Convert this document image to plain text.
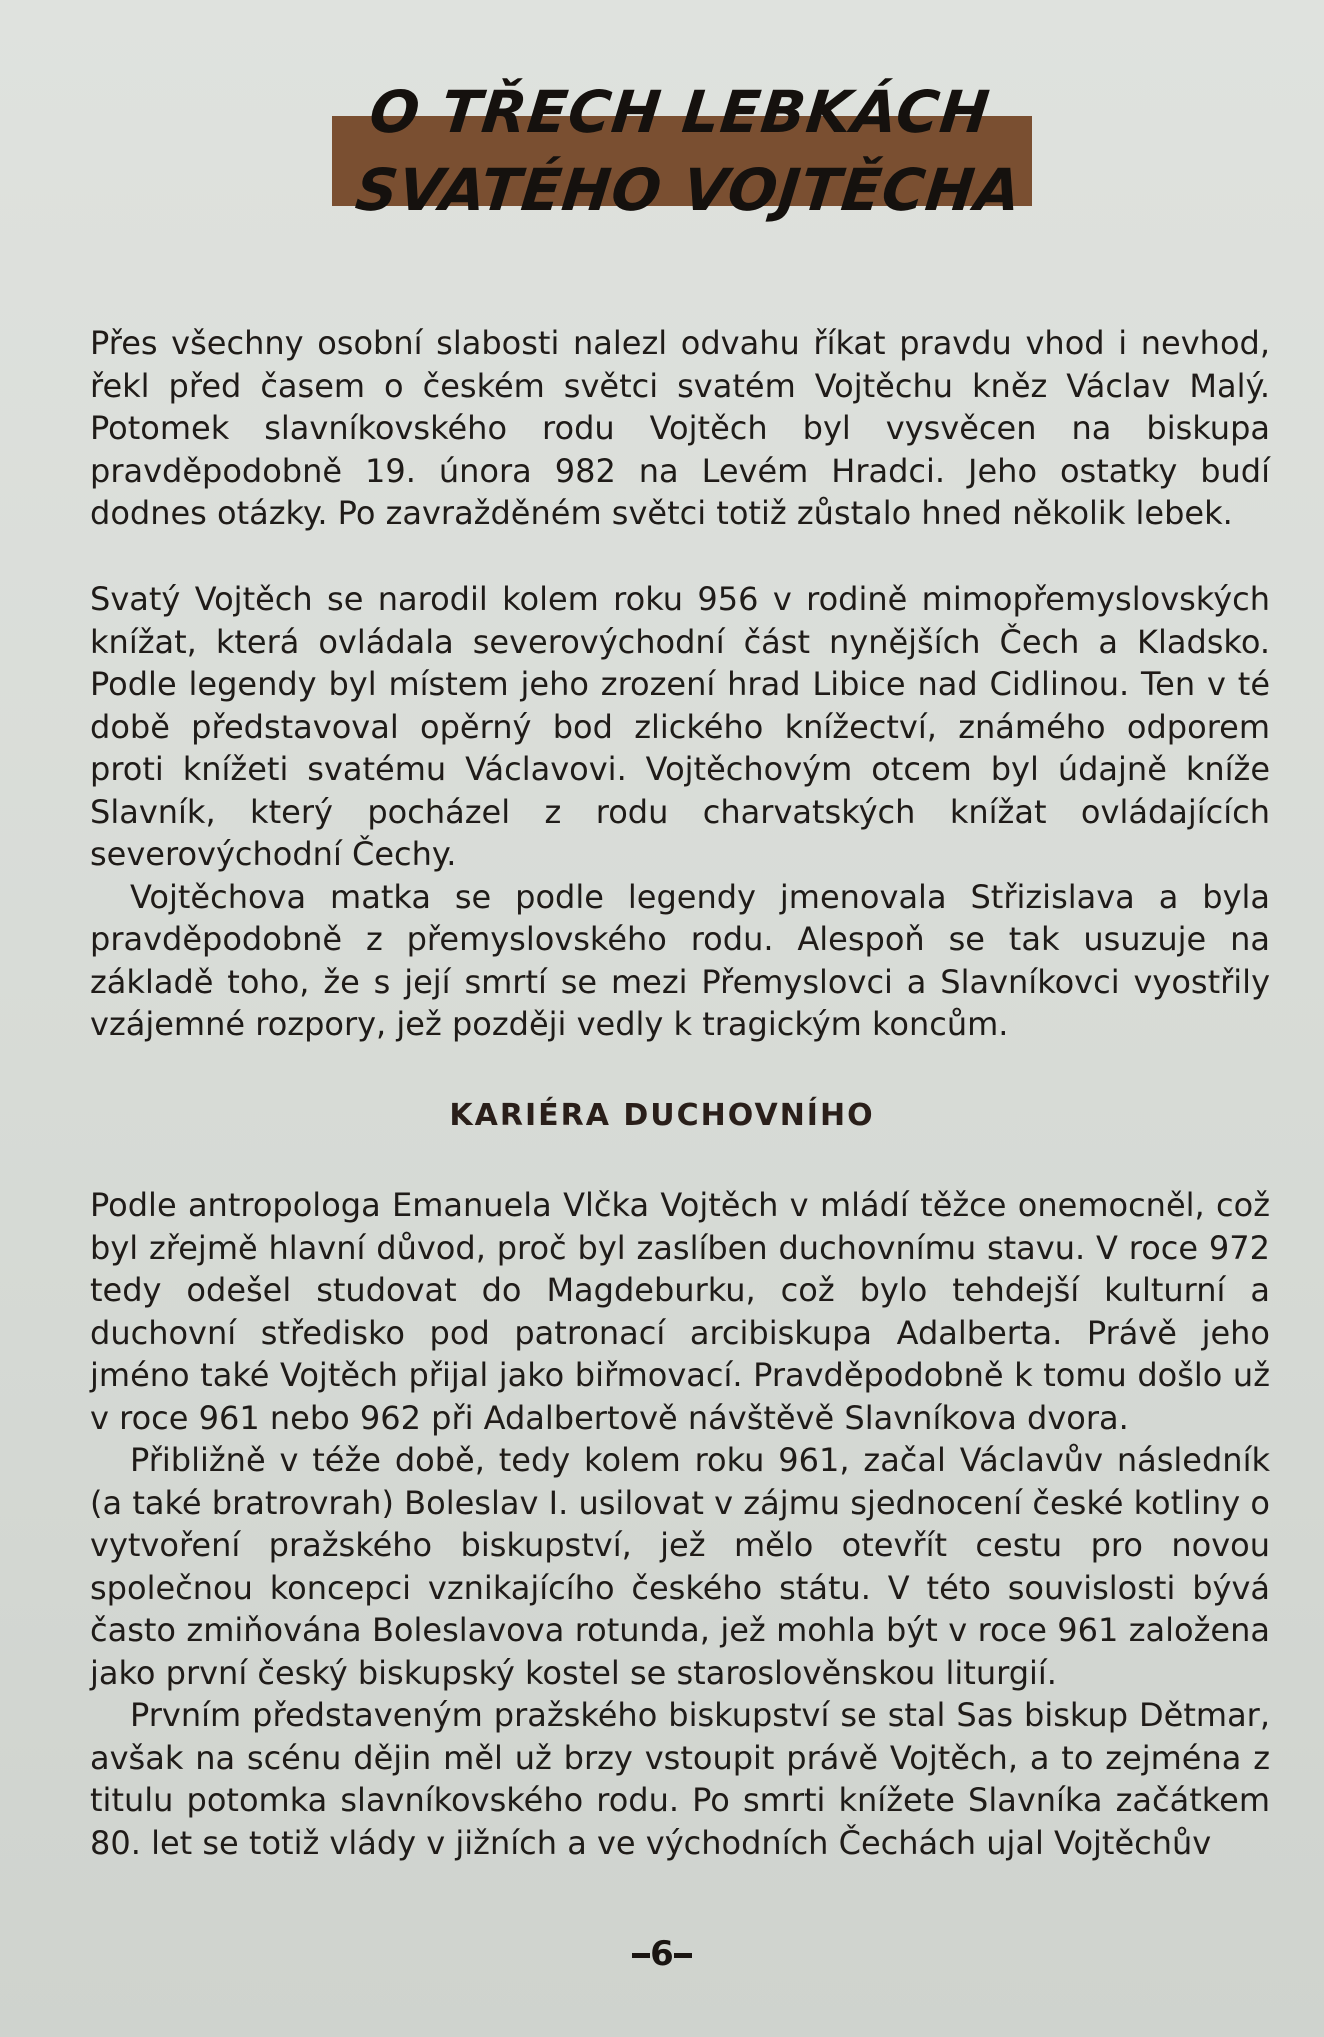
O TŘECH LEBKÁCH
SVATÉHO VOJTĚCHA

Přes všechny osobní slabosti nalezl odvahu říkat pravdu vhod i nevhod, řekl před časem o českém světci svatém Vojtěchu kněz Václav Malý. Potomek slavníkovského rodu Vojtěch byl vysvěcen na biskupa pravděpodobně 19. února 982 na Levém Hradci. Jeho ostatky budí dodnes otázky. Po zavražděném světci totiž zůstalo hned několik lebek.

Svatý Vojtěch se narodil kolem roku 956 v rodině mimopřemyslovských knížat, která ovládala severovýchodní část nynějších Čech a Kladsko. Podle legendy byl místem jeho zrození hrad Libice nad Cidlinou. Ten v té době představoval opěrný bod zlického knížectví, známého odporem proti knížeti svatému Václavovi. Vojtěchovým otcem byl údajně kníže Slavník, který pocházel z rodu charvatských knížat ovládajících severovýchodní Čechy.

Vojtěchova matka se podle legendy jmenovala Střizislava a byla pravděpodobně z přemyslovského rodu. Alespoň se tak usuzuje na základě toho, že s její smrtí se mezi Přemyslovci a Slavníkovci vyostřily vzájemné rozpory, jež později vedly k tragickým koncům.

KARIÉRA DUCHOVNÍHO

Podle antropologa Emanuela Vlčka Vojtěch v mládí těžce onemocněl, což byl zřejmě hlavní důvod, proč byl zaslíben duchovnímu stavu. V roce 972 tedy odešel studovat do Magdeburku, což bylo tehdejší kulturní a duchovní středisko pod patronací arcibiskupa Adalberta. Právě jeho jméno také Vojtěch přijal jako biřmovací. Pravděpodobně k tomu došlo už v roce 961 nebo 962 při Adalbertově návštěvě Slavníkova dvora.

Přibližně v téže době, tedy kolem roku 961, začal Václavův následník (a také bratrovrah) Boleslav I. usilovat v zájmu sjednocení české kotliny o vytvoření pražského biskupství, jež mělo otevřít cestu pro novou společnou koncepci vznikajícího českého státu. V této souvislosti bývá často zmiňována Boleslavova rotunda, jež mohla být v roce 961 založena jako první český biskupský kostel se staroslověnskou liturgií.

Prvním představeným pražského biskupství se stal Sas biskup Dětmar, avšak na scénu dějin měl už brzy vstoupit právě Vojtěch, a to zejména z titulu potomka slavníkovského rodu. Po smrti knížete Slavníka začátkem 80. let se totiž vlády v jižních a ve východních Čechách ujal Vojtěchův

6
